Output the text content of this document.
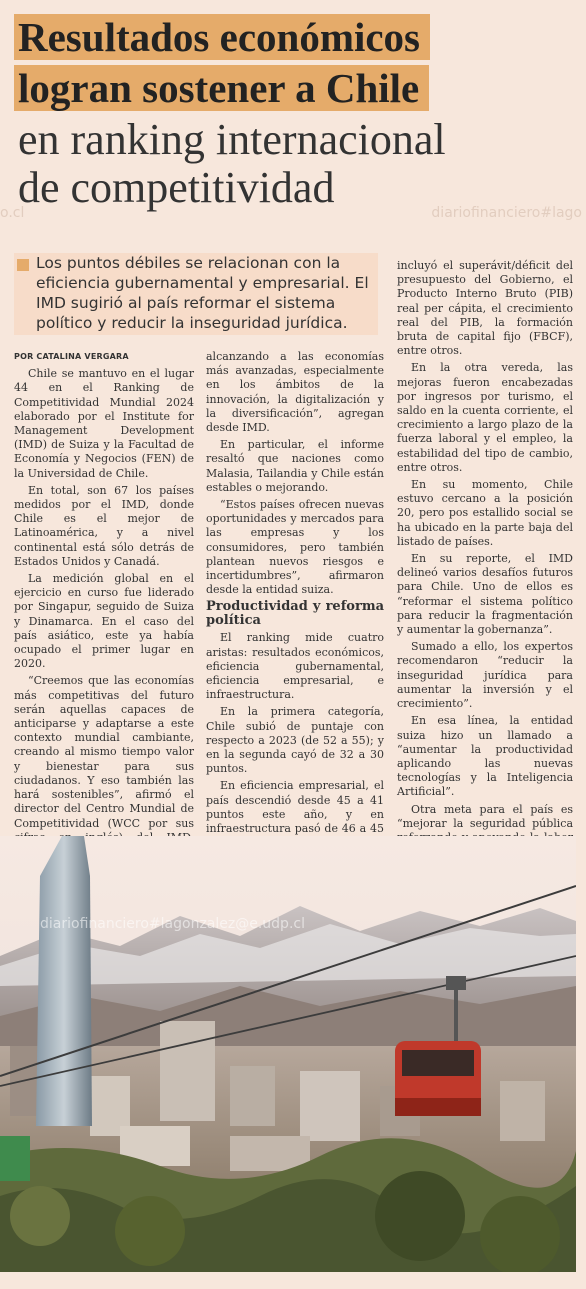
Resultados económicos
logran sostener a Chile
en ranking internacional
de competitividad
o.cl	diariofinanciero#lago
Los puntos débiles se relacionan con la eficiencia gubernamental y empresarial. El IMD sugirió al país reformar el sistema político y reducir la inseguridad jurídica.

POR CATALINA VERGARA

Chile se mantuvo en el lugar 44 en el Ranking de Competitividad Mundial 2024 elaborado por el Institute for Management Development (IMD) de Suiza y la Facultad de Economía y Negocios (FEN) de la Universidad de Chile.

En total, son 67 los países medidos por el IMD, donde Chile es el mejor de Latinoamérica, y a nivel continental está sólo detrás de Estados Unidos y Canadá.

La medición global en el ejercicio en curso fue liderado por Singapur, seguido de Suiza y Dinamarca. En el caso del país asiático, este ya había ocupado el primer lugar en 2020.

“Creemos que las economías más competitivas del futuro serán aquellas capaces de anticiparse y adaptarse a este contexto mundial cambiante, creando al mismo tiempo valor y bienestar para sus ciudadanos. Y eso también las hará sostenibles”, afirmó el director del Centro Mundial de Competitividad (WCC por sus

alcanzando a las economías más avanzadas, especialmente en los ámbitos de la innovación, la digitalización y la diversificación”, agregan desde IMD.

En particular, el informe resaltó que naciones como Malasia, Tailandia y Chile están estables o mejorando.

“Estos países ofrecen nuevas oportunidades y mercados para las empresas y los consumidores, pero también plantean nuevos riesgos e incertidumbres”, afirmaron desde la entidad suiza.

Productividad y reforma política

El ranking mide cuatro aristas: resultados económicos, eficiencia gubernamental, eficiencia empresarial, e infraestructura.

En la primera categoría, Chile subió de puntaje con respecto a 2023 (de 52 a 55); y en la segunda cayó de 32 a 30 puntos.

En eficiencia empresarial, el país descendió desde 45 a 41 puntos este año, y en infraestructura pasó de 46 a 45

incluyó el superávit/déficit del presupuesto del Gobierno, el Producto Interno Bruto (PIB) real per cápita, el crecimiento real del PIB, la formación bruta de capital fijo (FBCF), entre otros.

En la otra vereda, las mejoras fueron encabezadas por ingresos por turismo, el saldo en la cuenta corriente, el crecimiento a largo plazo de la fuerza laboral y el empleo, la estabilidad del tipo de cambio, entre otros.

En su momento, Chile estuvo cercano a la posición 20, pero pos estallido social se ha ubicado en la parte baja del listado de países.

En su reporte, el IMD delineó varios desafíos futuros para Chile. Uno de ellos es “reformar el sistema político para reducir la fragmentación y aumentar la gobernanza”.

Sumado a ello, los expertos recomendaron “reducir la inseguridad jurídica para aumentar la inversión y el crecimiento”.

En esa línea, la entidad suiza hizo un llamado a “aumentar la productividad aplicando las nuevas tecnologías y la Inteligencia Artificial”.

Otra meta para el país es “mejorar la seguridad pública

diariofinanciero#lagonzalez@e.udp.cl
